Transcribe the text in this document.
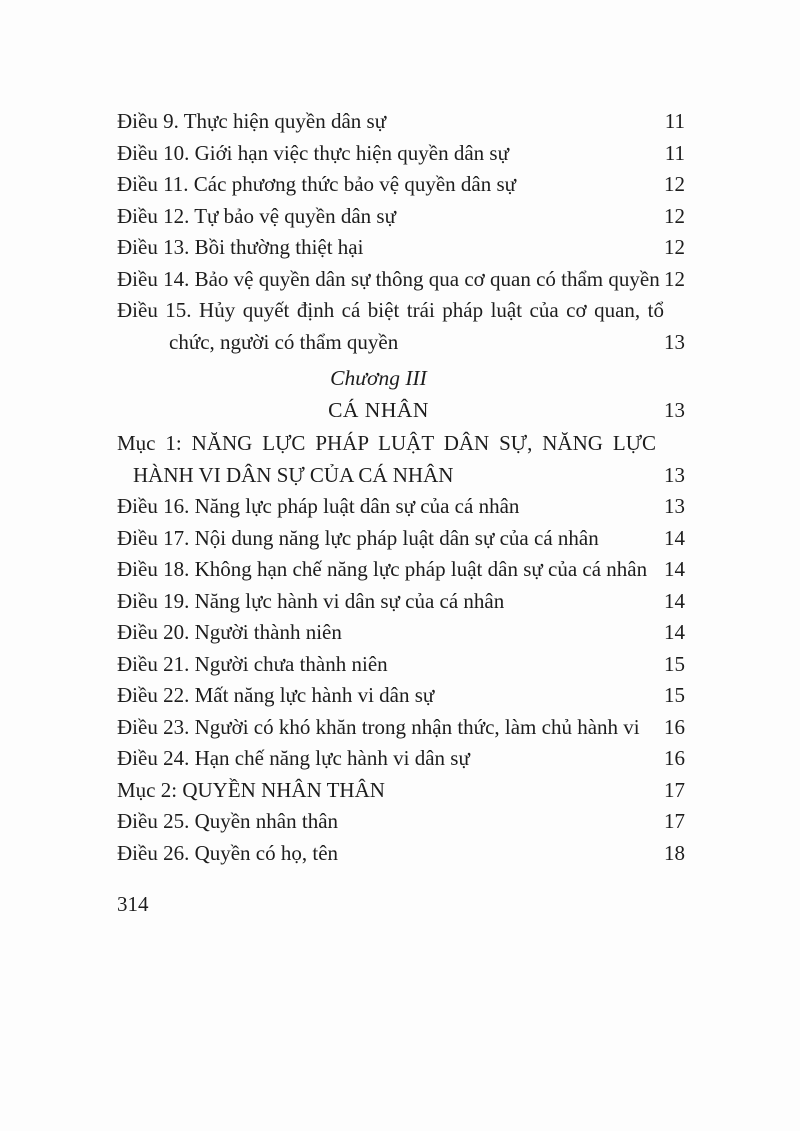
Điều 9. Thực hiện quyền dân sự	11
Điều 10. Giới hạn việc thực hiện quyền dân sự	11
Điều 11. Các phương thức bảo vệ quyền dân sự	12
Điều 12. Tự bảo vệ quyền dân sự	12
Điều 13. Bồi thường thiệt hại	12
Điều 14. Bảo vệ quyền dân sự thông qua cơ quan có thẩm quyền 12
Điều 15. Hủy quyết định cá biệt trái pháp luật của cơ quan, tổ chức, người có thẩm quyền	13
Chương III
CÁ NHÂN	13
Mục 1: NĂNG LỰC PHÁP LUẬT DÂN SỰ, NĂNG LỰC HÀNH VI DÂN SỰ CỦA CÁ NHÂN	13
Điều 16. Năng lực pháp luật dân sự của cá nhân	13
Điều 17. Nội dung năng lực pháp luật dân sự của cá nhân	14
Điều 18. Không hạn chế năng lực pháp luật dân sự của cá nhân 14
Điều 19. Năng lực hành vi dân sự của cá nhân	14
Điều 20. Người thành niên	14
Điều 21. Người chưa thành niên	15
Điều 22. Mất năng lực hành vi dân sự	15
Điều 23. Người có khó khăn trong nhận thức, làm chủ hành vi	16
Điều 24. Hạn chế năng lực hành vi dân sự	16
Mục 2: QUYỀN NHÂN THÂN	17
Điều 25. Quyền nhân thân	17
Điều 26. Quyền có họ, tên	18
314
